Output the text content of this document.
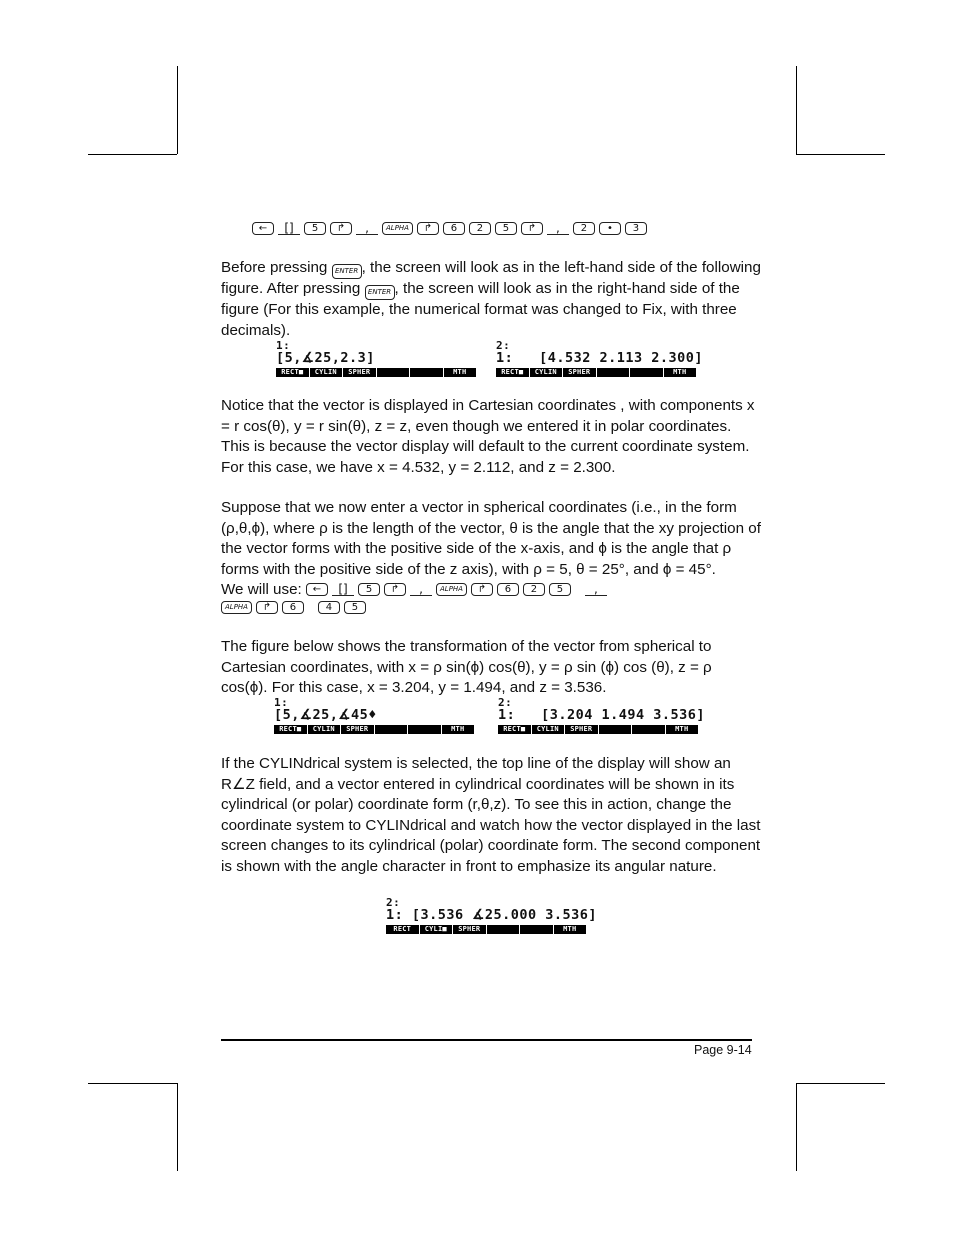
←	[]	5	↱	,	ALPHA	↱	6	2	5	↱	,	2	•	3

Before pressing ENTER , the screen will look as in the left-hand side of the following figure. After pressing ENTER , the screen will look as in the right-hand side of the figure (For this example, the numerical format was changed to Fix, with three decimals).

1:
[5,∡25,2.3]
RECT■	CYLIN	SPHER	MTH
2:
1:   [4.532 2.113 2.300]
RECT■	CYLIN	SPHER	MTH

Notice that the vector is displayed in Cartesian coordinates , with components x = r cos(θ), y = r sin(θ), z = z, even though we entered it in polar coordinates. This is because the vector display will default to the current coordinate system. For this case, we have x = 4.532, y = 2.112, and z = 2.300.

Suppose that we now enter a vector in spherical coordinates (i.e., in the form (ρ,θ,ϕ), where ρ is the length of the vector, θ is the angle that the xy projection of the vector forms with the positive side of the x-axis, and ϕ is the angle that ρ forms with the positive side of the z axis), with ρ = 5, θ = 25°, and ϕ = 45°.
We will use:	←	[]	5	↱	,	ALPHA	↱	6	2	5	,
ALPHA	↱	6	4	5

The figure below shows the transformation of the vector from spherical to Cartesian coordinates, with x = ρ sin(ϕ) cos(θ), y = ρ sin (ϕ) cos (θ), z = ρ cos(ϕ). For this case, x = 3.204, y = 1.494, and z = 3.536.

1:
[5,∡25,∡45♦
RECT■	CYLIN	SPHER	MTH
2:
1:   [3.204 1.494 3.536]
RECT■	CYLIN	SPHER	MTH

If the CYLINdrical system is selected, the top line of the display will show an R∠Z field, and a vector entered in cylindrical coordinates will be shown in its cylindrical (or polar) coordinate form (r,θ,z). To see this in action, change the coordinate system to CYLINdrical and watch how the vector displayed in the last screen changes to its cylindrical (polar) coordinate form. The second component is shown with the angle character in front to emphasize its angular nature.

2:
1: [3.536 ∡25.000 3.536]
RECT	CYLI■	SPHER	MTH
Page 9-14
